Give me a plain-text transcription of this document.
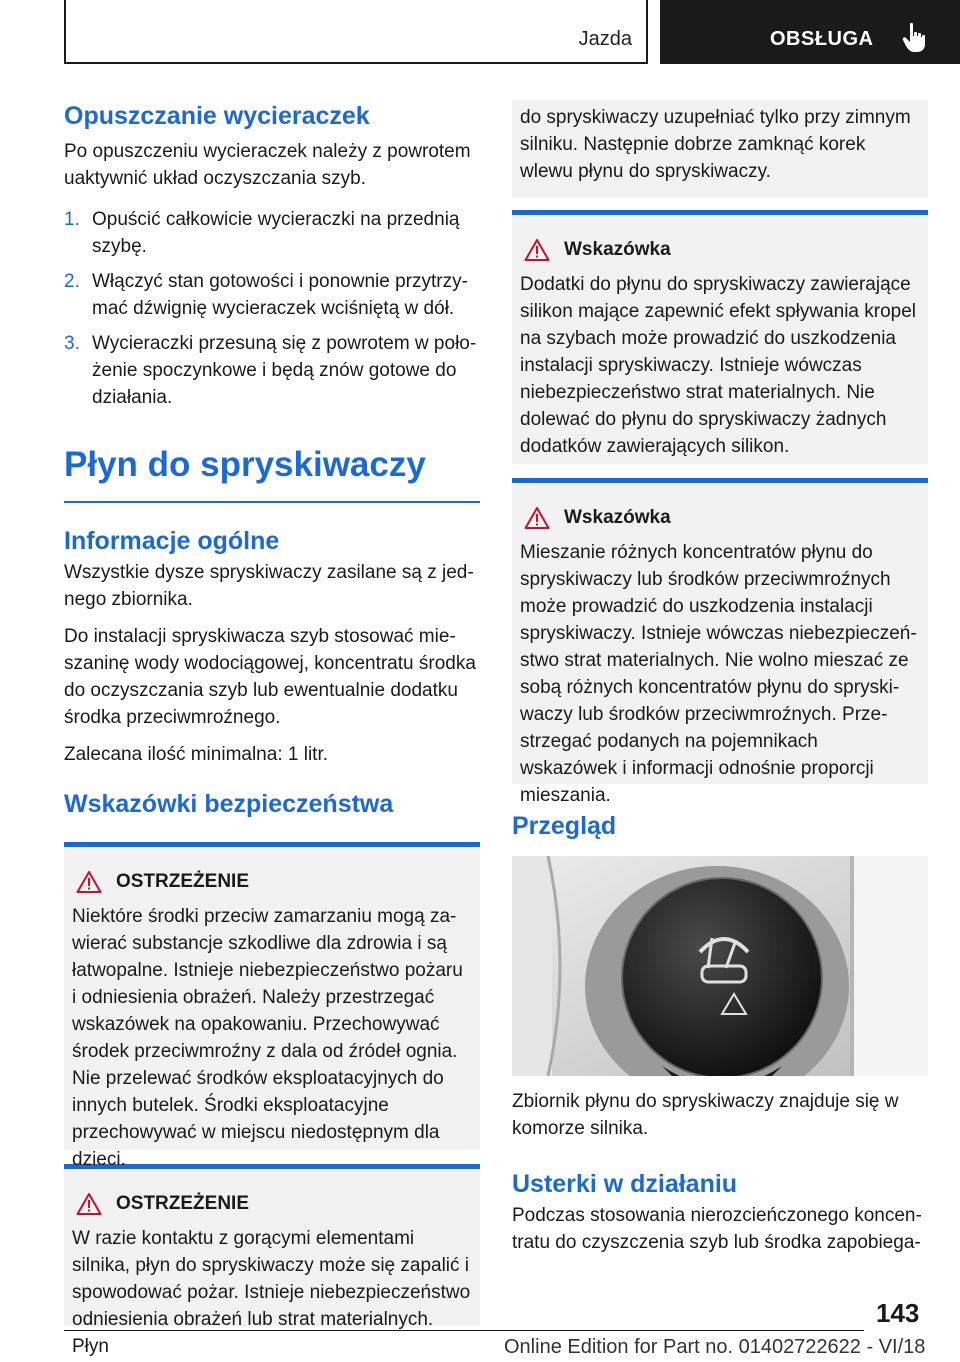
Jazda	OBSŁUGA
Opuszczanie wycieraczek

Po opuszczeniu wycieraczek należy z powrotem uaktywnić układ oczyszczania szyb.

1. Opuścić całkowicie wycieraczki na przednią szybę.
2. Włączyć stan gotowości i ponownie przytrzymać dźwignię wycieraczek wciśniętą w dół.
3. Wycieraczki przesuną się z powrotem w położenie spoczynkowe i będą znów gotowe do działania.
Płyn do spryskiwaczy
Informacje ogólne

Wszystkie dysze spryskiwaczy zasilane są z jednego zbiornika.

Do instalacji spryskiwacza szyb stosować mieszaninę wody wodociągowej, koncentratu środka do oczyszczania szyb lub ewentualnie dodatku środka przeciwmroźnego.

Zalecana ilość minimalna: 1 litr.

Wskazówki bezpieczeństwa
OSTRZEŻENIE

Niektóre środki przeciw zamarzaniu mogą zawierać substancje szkodliwe dla zdrowia i są łatwopalne. Istnieje niebezpieczeństwo pożaru i odniesienia obrażeń. Należy przestrzegać wskazówek na opakowaniu. Przechowywać środek przeciwmroźny z dala od źródeł ognia. Nie przelewać środków eksploatacyjnych do innych butelek. Środki eksploatacyjne przechowywać w miejscu niedostępnym dla dzieci.

OSTRZEŻENIE

W razie kontaktu z gorącymi elementami silnika, płyn do spryskiwaczy może się zapalić i spowodować pożar. Istnieje niebezpieczeństwo odniesienia obrażeń lub strat materialnych. Płyn

do spryskiwaczy uzupełniać tylko przy zimnym silniku. Następnie dobrze zamknąć korek wlewu płynu do spryskiwaczy.

Wskazówka

Dodatki do płynu do spryskiwaczy zawierające silikon mające zapewnić efekt spływania kropel na szybach może prowadzić do uszkodzenia instalacji spryskiwaczy. Istnieje wówczas niebezpieczeństwo strat materialnych. Nie dolewać do płynu do spryskiwaczy żadnych dodatków zawierających silikon.

Wskazówka

Mieszanie różnych koncentratów płynu do spryskiwaczy lub środków przeciwmroźnych może prowadzić do uszkodzenia instalacji spryskiwaczy. Istnieje wówczas niebezpieczeństwo strat materialnych. Nie wolno mieszać ze sobą różnych koncentratów płynu do spryskiwaczy lub środków przeciwmroźnych. Przestrzegać podanych na pojemnikach wskazówek i informacji odnośnie proporcji mieszania.

Przegląd

Zbiornik płynu do spryskiwaczy znajduje się w komorze silnika.

Usterki w działaniu

Podczas stosowania nierozcieńczonego koncentratu do czyszczenia szyb lub środka zapobiega-

143
Online Edition for Part no. 01402722622 - VI/18
